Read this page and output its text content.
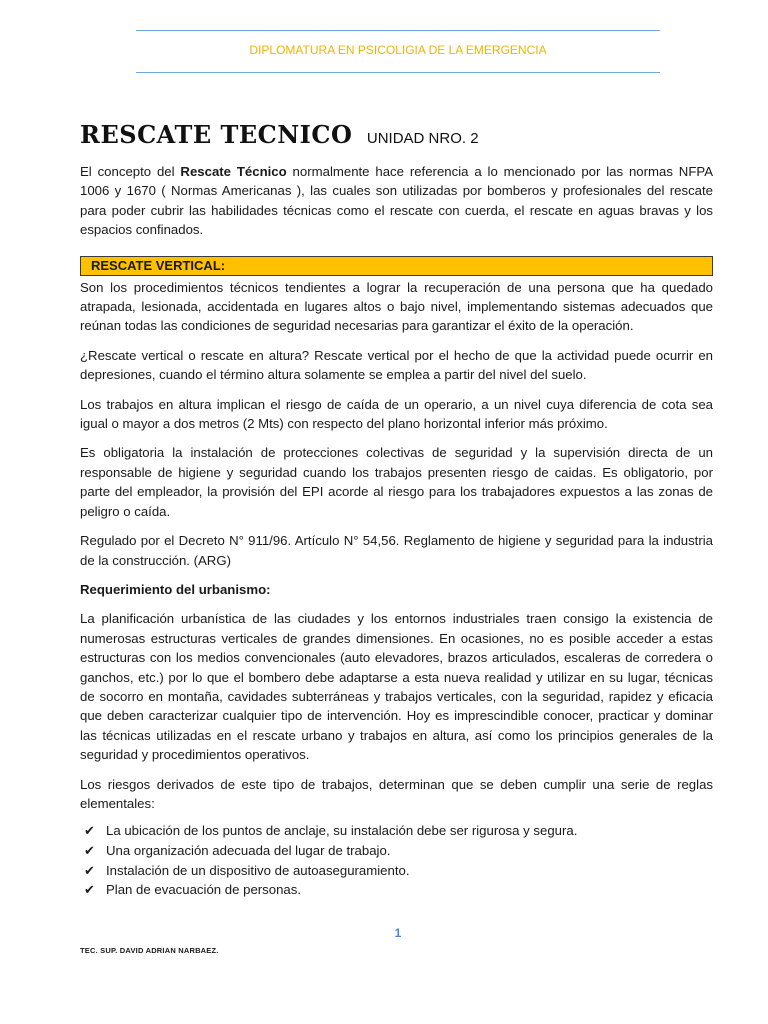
DIPLOMATURA EN PSICOLIGIA DE LA EMERGENCIA
RESCATE TECNICO UNIDAD NRO. 2

El concepto del Rescate Técnico normalmente hace referencia a lo mencionado por las normas NFPA 1006 y 1670 ( Normas Americanas ), las cuales son utilizadas por bomberos y profesionales del rescate para poder cubrir las habilidades técnicas como el rescate con cuerda, el rescate en aguas bravas y los espacios confinados.

RESCATE VERTICAL:

Son los procedimientos técnicos tendientes a lograr la recuperación de una persona que ha quedado atrapada, lesionada, accidentada en lugares altos o bajo nivel, implementando sistemas adecuados que reúnan todas las condiciones de seguridad necesarias para garantizar el éxito de la operación.

¿Rescate vertical o rescate en altura? Rescate vertical por el hecho de que la actividad puede ocurrir en depresiones, cuando el término altura solamente se emplea a partir del nivel del suelo.

Los trabajos en altura implican el riesgo de caída de un operario, a un nivel cuya diferencia de cota sea igual o mayor a dos metros (2 Mts) con respecto del plano horizontal inferior más próximo.

Es obligatoria la instalación de protecciones colectivas de seguridad y la supervisión directa de un responsable de higiene y seguridad cuando los trabajos presenten riesgo de caidas. Es obligatorio, por parte del empleador, la provisión del EPI acorde al riesgo para los trabajadores expuestos a las zonas de peligro o caída.

Regulado por el Decreto N° 911/96. Artículo N° 54,56. Reglamento de higiene y seguridad para la industria de la construcción. (ARG)

Requerimiento del urbanismo:

La planificación urbanística de las ciudades y los entornos industriales traen consigo la existencia de numerosas estructuras verticales de grandes dimensiones. En ocasiones, no es posible acceder a estas estructuras con los medios convencionales (auto elevadores, brazos articulados, escaleras de corredera o ganchos, etc.) por lo que el bombero debe adaptarse a esta nueva realidad y utilizar en su lugar, técnicas de socorro en montaña, cavidades subterráneas y trabajos verticales, con la seguridad, rapidez y eficacia que deben caracterizar cualquier tipo de intervención. Hoy es imprescindible conocer, practicar y dominar las técnicas utilizadas en el rescate urbano y trabajos en altura, así como los principios generales de la seguridad y procedimientos operativos.

Los riesgos derivados de este tipo de trabajos, determinan que se deben cumplir una serie de reglas elementales:

✔ La ubicación de los puntos de anclaje, su instalación debe ser rigurosa y segura.
✔ Una organización adecuada del lugar de trabajo.
✔ Instalación de un dispositivo de autoaseguramiento.
✔ Plan de evacuación de personas.
1
TEC. SUP. DAVID ADRIAN NARBAEZ.
